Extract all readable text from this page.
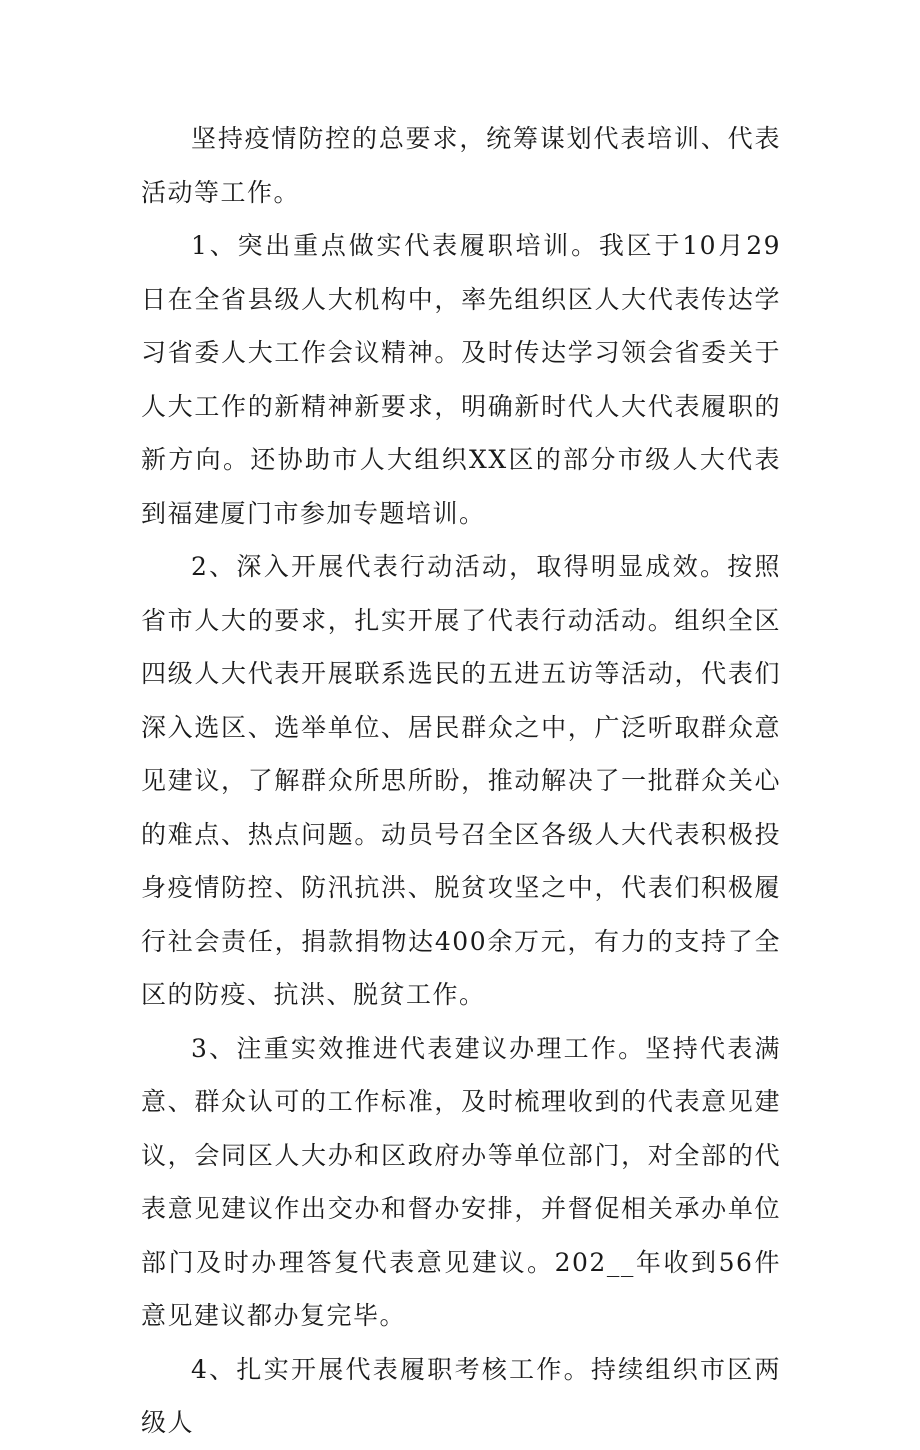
坚持疫情防控的总要求，统筹谋划代表培训、代表活动等工作。

1、突出重点做实代表履职培训。我区于10月29日在全省县级人大机构中，率先组织区人大代表传达学习省委人大工作会议精神。及时传达学习领会省委关于人大工作的新精神新要求，明确新时代人大代表履职的新方向。还协助市人大组织XX区的部分市级人大代表到福建厦门市参加专题培训。

2、深入开展代表行动活动，取得明显成效。按照省市人大的要求，扎实开展了代表行动活动。组织全区四级人大代表开展联系选民的五进五访等活动，代表们深入选区、选举单位、居民群众之中，广泛听取群众意见建议，了解群众所思所盼，推动解决了一批群众关心的难点、热点问题。动员号召全区各级人大代表积极投身疫情防控、防汛抗洪、脱贫攻坚之中，代表们积极履行社会责任，捐款捐物达400余万元，有力的支持了全区的防疫、抗洪、脱贫工作。

3、注重实效推进代表建议办理工作。坚持代表满意、群众认可的工作标准，及时梳理收到的代表意见建议，会同区人大办和区政府办等单位部门，对全部的代表意见建议作出交办和督办安排，并督促相关承办单位部门及时办理答复代表意见建议。202__年收到56件意见建议都办复完毕。

4、扎实开展代表履职考核工作。持续组织市区两级人
